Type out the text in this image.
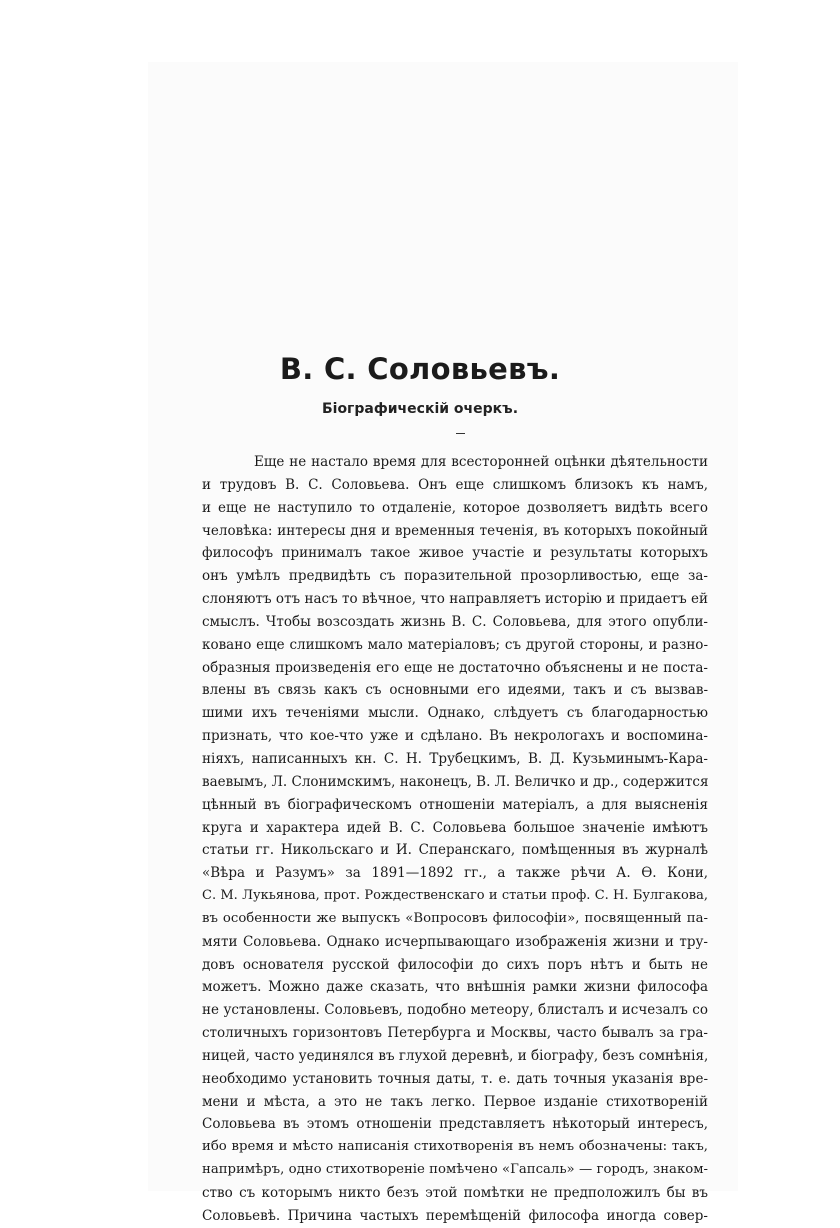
В. С. Соловьевъ.
Біографическій очеркъ.
Еще не настало время для всесторонней оцѣнки дѣятельности
и трудовъ В. С. Соловьева. Онъ еще слишкомъ близокъ къ намъ,
и еще не наступило то отдаленіе, которое дозволяетъ видѣть всего
человѣка: интересы дня и временныя теченія, въ которыхъ покойный
философъ принималъ такое живое участіе и результаты которыхъ
онъ умѣлъ предвидѣть съ поразительной прозорливостью, еще за-
слоняютъ отъ насъ то вѣчное, что направляетъ исторію и придаетъ ей
смыслъ. Чтобы возсоздать жизнь В. С. Соловьева, для этого опубли-
ковано еще слишкомъ мало матеріаловъ; съ другой стороны, и разно-
образныя произведенія его еще не достаточно объяснены и не поста-
влены въ связь какъ съ основными его идеями, такъ и съ вызвав-
шими ихъ теченіями мысли. Однако, слѣдуетъ съ благодарностью
признать, что кое-что уже и сдѣлано. Въ некрологахъ и воспомина-
ніяхъ, написанныхъ кн. С. Н. Трубецкимъ, В. Д. Кузьминымъ-Кара-
ваевымъ, Л. Слонимскимъ, наконецъ, В. Л. Величко и др., содержится
цѣнный въ біографическомъ отношеніи матеріалъ, а для выясненія
круга и характера идей В. С. Соловьева большое значеніе имѣютъ
статьи гг. Никольскаго и И. Сперанскаго, помѣщенныя въ журналѣ
«Вѣра и Разумъ» за 1891—1892 гг., а также рѣчи А. Ѳ. Кони,
С. М. Лукьянова, прот. Рождественскаго и статьи проф. С. Н. Булгакова,
въ особенности же выпускъ «Вопросовъ философіи», посвященный па-
мяти Соловьева. Однако исчерпывающаго изображенія жизни и тру-
довъ основателя русской философіи до сихъ поръ нѣтъ и быть не
можетъ. Можно даже сказать, что внѣшнія рамки жизни философа
не установлены. Соловьевъ, подобно метеору, блисталъ и исчезалъ со
столичныхъ горизонтовъ Петербурга и Москвы, часто бывалъ за гра-
ницей, часто уединялся въ глухой деревнѣ, и біографу, безъ сомнѣнія,
необходимо установить точныя даты, т. е. дать точныя указанія вре-
мени и мѣста, а это не такъ легко. Первое изданіе стихотвореній
Соловьева въ этомъ отношеніи представляетъ нѣкоторый интересъ,
ибо время и мѣсто написанія стихотворенія въ немъ обозначены: такъ,
напримѣръ, одно стихотвореніе помѣчено «Гапсаль» — городъ, знаком-
ство съ которымъ никто безъ этой помѣтки не предположилъ бы въ
Соловьевѣ. Причина частыхъ перемѣщеній философа иногда совер-
